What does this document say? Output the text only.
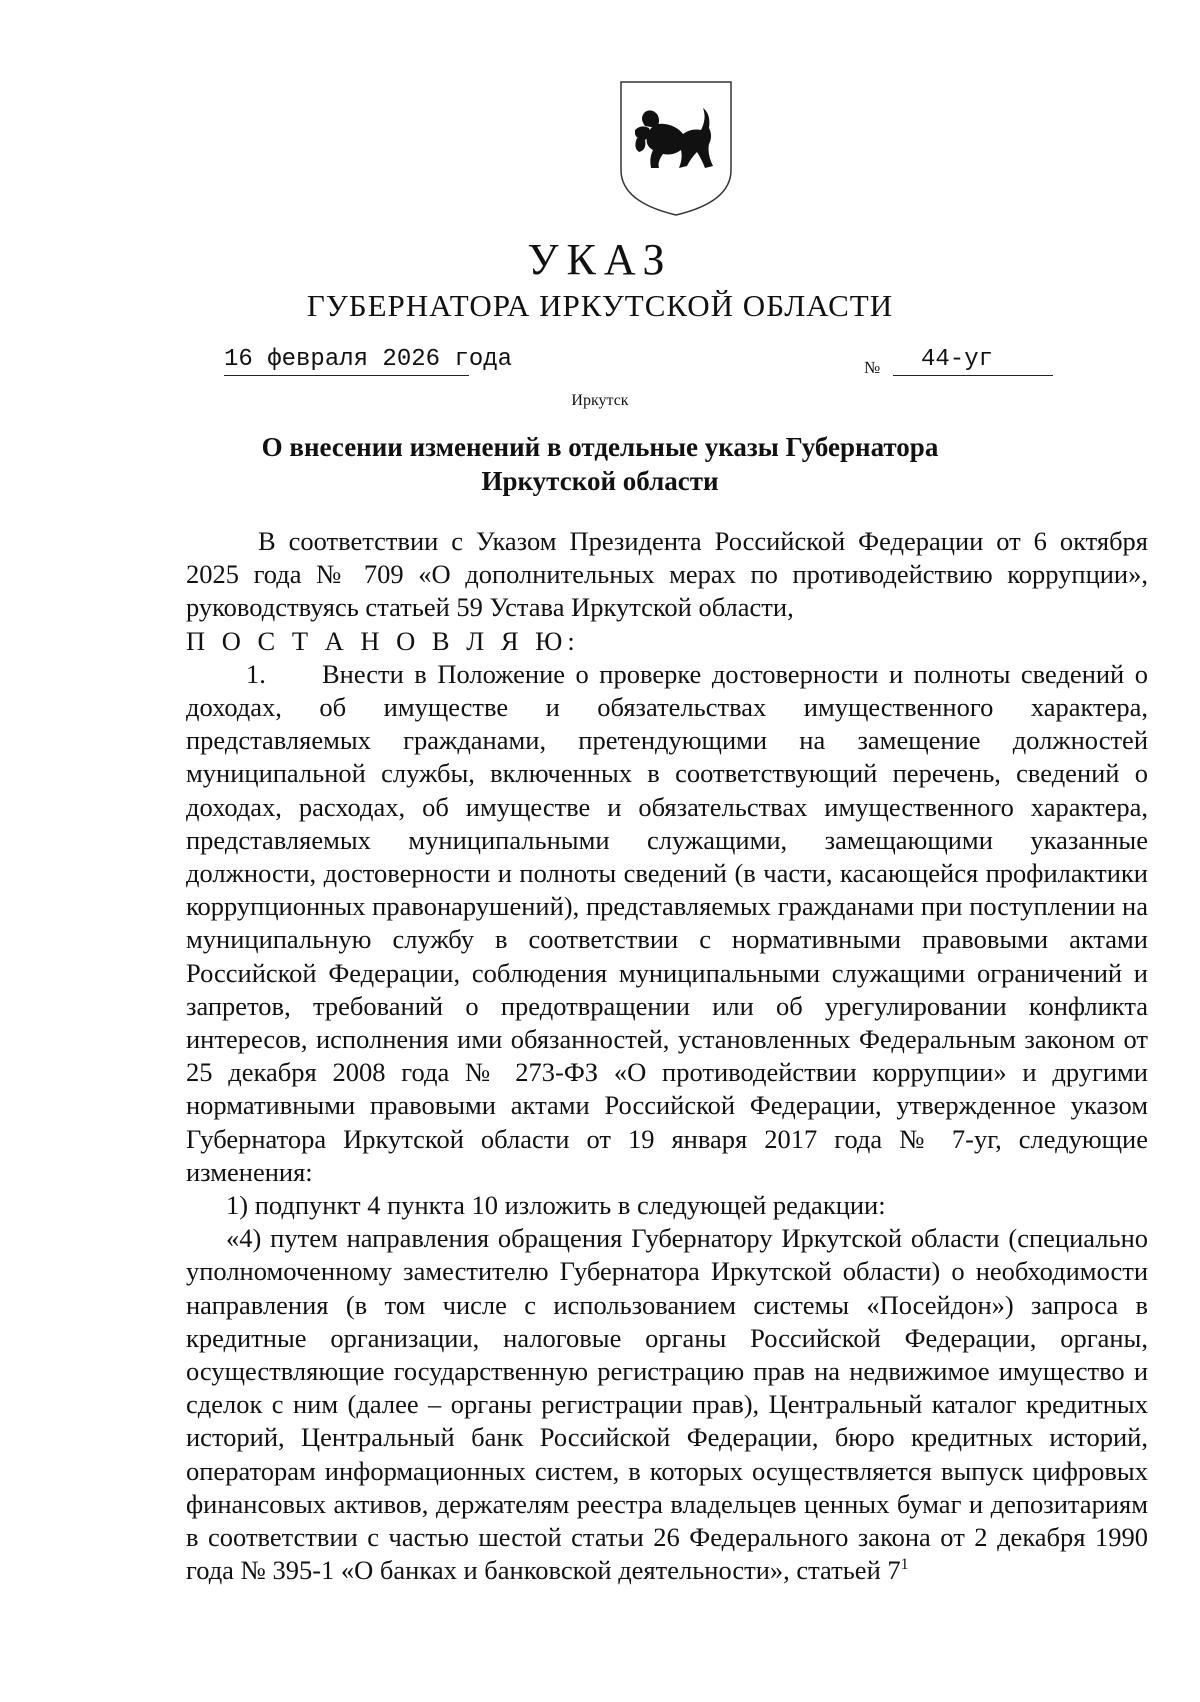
УКАЗ
ГУБЕРНАТОРА ИРКУТСКОЙ ОБЛАСТИ
16 февраля 2026 года	№	44-уг
Иркутск
О внесении изменений в отдельные указы Губернатора
Иркутской области

В соответствии с Указом Президента Российской Федерации от 6 октября 2025 года № 709 «О дополнительных мерах по противодействию коррупции», руководствуясь статьей 59 Устава Иркутской области,

П О С Т А Н О В Л Я Ю:

1. Внести в Положение о проверке достоверности и полноты сведений о доходах, об имуществе и обязательствах имущественного характера, представляемых гражданами, претендующими на замещение должностей муниципальной службы, включенных в соответствующий перечень, сведений о доходах, расходах, об имуществе и обязательствах имущественного характера, представляемых муниципальными служащими, замещающими указанные должности, достоверности и полноты сведений (в части, касающейся профилактики коррупционных правонарушений), представляемых гражданами при поступлении на муниципальную службу в соответствии с нормативными правовыми актами Российской Федерации, соблюдения муниципальными служащими ограничений и запретов, требований о предотвращении или об урегулировании конфликта интересов, исполнения ими обязанностей, установленных Федеральным законом от 25 декабря 2008 года № 273-ФЗ «О противодействии коррупции» и другими нормативными правовыми актами Российской Федерации, утвержденное указом Губернатора Иркутской области от 19 января 2017 года № 7-уг, следующие изменения:

1) подпункт 4 пункта 10 изложить в следующей редакции:

«4) путем направления обращения Губернатору Иркутской области (специально уполномоченному заместителю Губернатора Иркутской области) о необходимости направления (в том числе с использованием системы «Посейдон») запроса в кредитные организации, налоговые органы Российской Федерации, органы, осуществляющие государственную регистрацию прав на недвижимое имущество и сделок с ним (далее – органы регистрации прав), Центральный каталог кредитных историй, Центральный банк Российской Федерации, бюро кредитных историй, операторам информационных систем, в которых осуществляется выпуск цифровых финансовых активов, держателям реестра владельцев ценных бумаг и депозитариям в соответствии с частью шестой статьи 26 Федерального закона от 2 декабря 1990 года № 395-1 «О банках и банковской деятельности», статьей $7^1$
